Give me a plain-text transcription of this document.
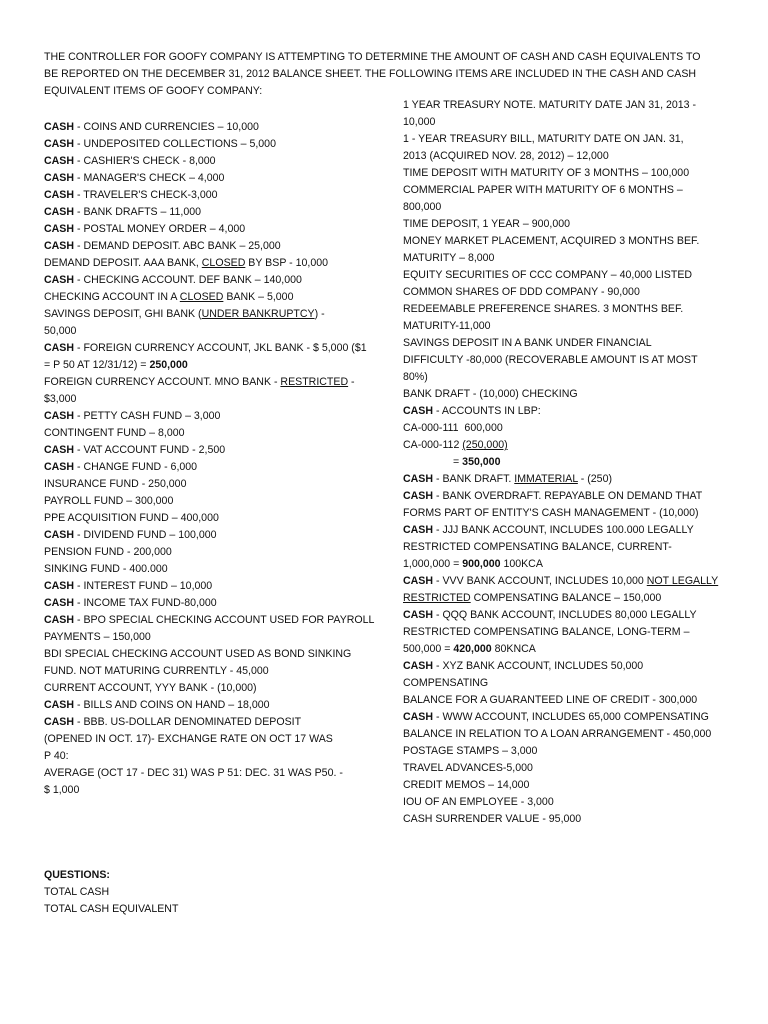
THE CONTROLLER FOR GOOFY COMPANY IS ATTEMPTING TO DETERMINE THE AMOUNT OF CASH AND CASH EQUIVALENTS TO
BE REPORTED ON THE DECEMBER 31, 2012 BALANCE SHEET. THE FOLLOWING ITEMS ARE INCLUDED IN THE CASH AND CASH
EQUIVALENT ITEMS OF GOOFY COMPANY:
CASH - COINS AND CURRENCIES – 10,000
CASH - UNDEPOSITED COLLECTIONS – 5,000
CASH - CASHIER'S CHECK - 8,000
CASH - MANAGER'S CHECK – 4,000
CASH - TRAVELER'S CHECK-3,000
CASH - BANK DRAFTS – 11,000
CASH - POSTAL MONEY ORDER – 4,000
CASH - DEMAND DEPOSIT. ABC BANK – 25,000
DEMAND DEPOSIT. AAA BANK, CLOSED BY BSP - 10,000
CASH - CHECKING ACCOUNT. DEF BANK – 140,000
CHECKING ACCOUNT IN A CLOSED BANK – 5,000
SAVINGS DEPOSIT, GHI BANK (UNDER BANKRUPTCY) -
50,000
CASH - FOREIGN CURRENCY ACCOUNT, JKL BANK - $ 5,000 ($1
= P 50 AT 12/31/12) = 250,000
FOREIGN CURRENCY ACCOUNT. MNO BANK - RESTRICTED -
$3,000
CASH - PETTY CASH FUND – 3,000
CONTINGENT FUND – 8,000
CASH - VAT ACCOUNT FUND - 2,500
CASH - CHANGE FUND - 6,000
INSURANCE FUND - 250,000
PAYROLL FUND – 300,000
PPE ACQUISITION FUND – 400,000
CASH - DIVIDEND FUND – 100,000
PENSION FUND - 200,000
SINKING FUND - 400.000
CASH - INTEREST FUND – 10,000
CASH - INCOME TAX FUND-80,000
CASH - BPO SPECIAL CHECKING ACCOUNT USED FOR PAYROLL
PAYMENTS – 150,000
BDI SPECIAL CHECKING ACCOUNT USED AS BOND SINKING
FUND. NOT MATURING CURRENTLY - 45,000
CURRENT ACCOUNT, YYY BANK - (10,000)
CASH - BILLS AND COINS ON HAND – 18,000
CASH - BBB. US-DOLLAR DENOMINATED DEPOSIT
(OPENED IN OCT. 17)- EXCHANGE RATE ON OCT 17 WAS
P 40:
AVERAGE (OCT 17 - DEC 31) WAS P 51: DEC. 31 WAS P50. -
$ 1,000
1 YEAR TREASURY NOTE. MATURITY DATE JAN 31, 2013 -
10,000
1 - YEAR TREASURY BILL, MATURITY DATE ON JAN. 31,
2013 (ACQUIRED NOV. 28, 2012) – 12,000
TIME DEPOSIT WITH MATURITY OF 3 MONTHS – 100,000
COMMERCIAL PAPER WITH MATURITY OF 6 MONTHS –
800,000
TIME DEPOSIT, 1 YEAR – 900,000
MONEY MARKET PLACEMENT, ACQUIRED 3 MONTHS BEF.
MATURITY – 8,000
EQUITY SECURITIES OF CCC COMPANY – 40,000 LISTED
COMMON SHARES OF DDD COMPANY - 90,000
REDEEMABLE PREFERENCE SHARES. 3 MONTHS BEF.
MATURITY-11,000
SAVINGS DEPOSIT IN A BANK UNDER FINANCIAL
DIFFICULTY -80,000 (RECOVERABLE AMOUNT IS AT MOST
80%)
BANK DRAFT - (10,000) CHECKING
CASH - ACCOUNTS IN LBP:
CA-000-111  600,000
CA-000-112 (250,000)
= 350,000
CASH - BANK DRAFT. IMMATERIAL - (250)
CASH - BANK OVERDRAFT. REPAYABLE ON DEMAND THAT
FORMS PART OF ENTITY'S CASH MANAGEMENT - (10,000)
CASH - JJJ BANK ACCOUNT, INCLUDES 100.000 LEGALLY
RESTRICTED COMPENSATING BALANCE, CURRENT-
1,000,000 = 900,000 100KCA
CASH - VVV BANK ACCOUNT, INCLUDES 10,000 NOT LEGALLY
RESTRICTED COMPENSATING BALANCE – 150,000
CASH - QQQ BANK ACCOUNT, INCLUDES 80,000 LEGALLY
RESTRICTED COMPENSATING BALANCE, LONG-TERM –
500,000 = 420,000 80KNCA
CASH - XYZ BANK ACCOUNT, INCLUDES 50,000
COMPENSATING
BALANCE FOR A GUARANTEED LINE OF CREDIT - 300,000
CASH - WWW ACCOUNT, INCLUDES 65,000 COMPENSATING
BALANCE IN RELATION TO A LOAN ARRANGEMENT - 450,000
POSTAGE STAMPS – 3,000
TRAVEL ADVANCES-5,000
CREDIT MEMOS – 14,000
IOU OF AN EMPLOYEE - 3,000
CASH SURRENDER VALUE - 95,000
QUESTIONS:
TOTAL CASH
TOTAL CASH EQUIVALENT
